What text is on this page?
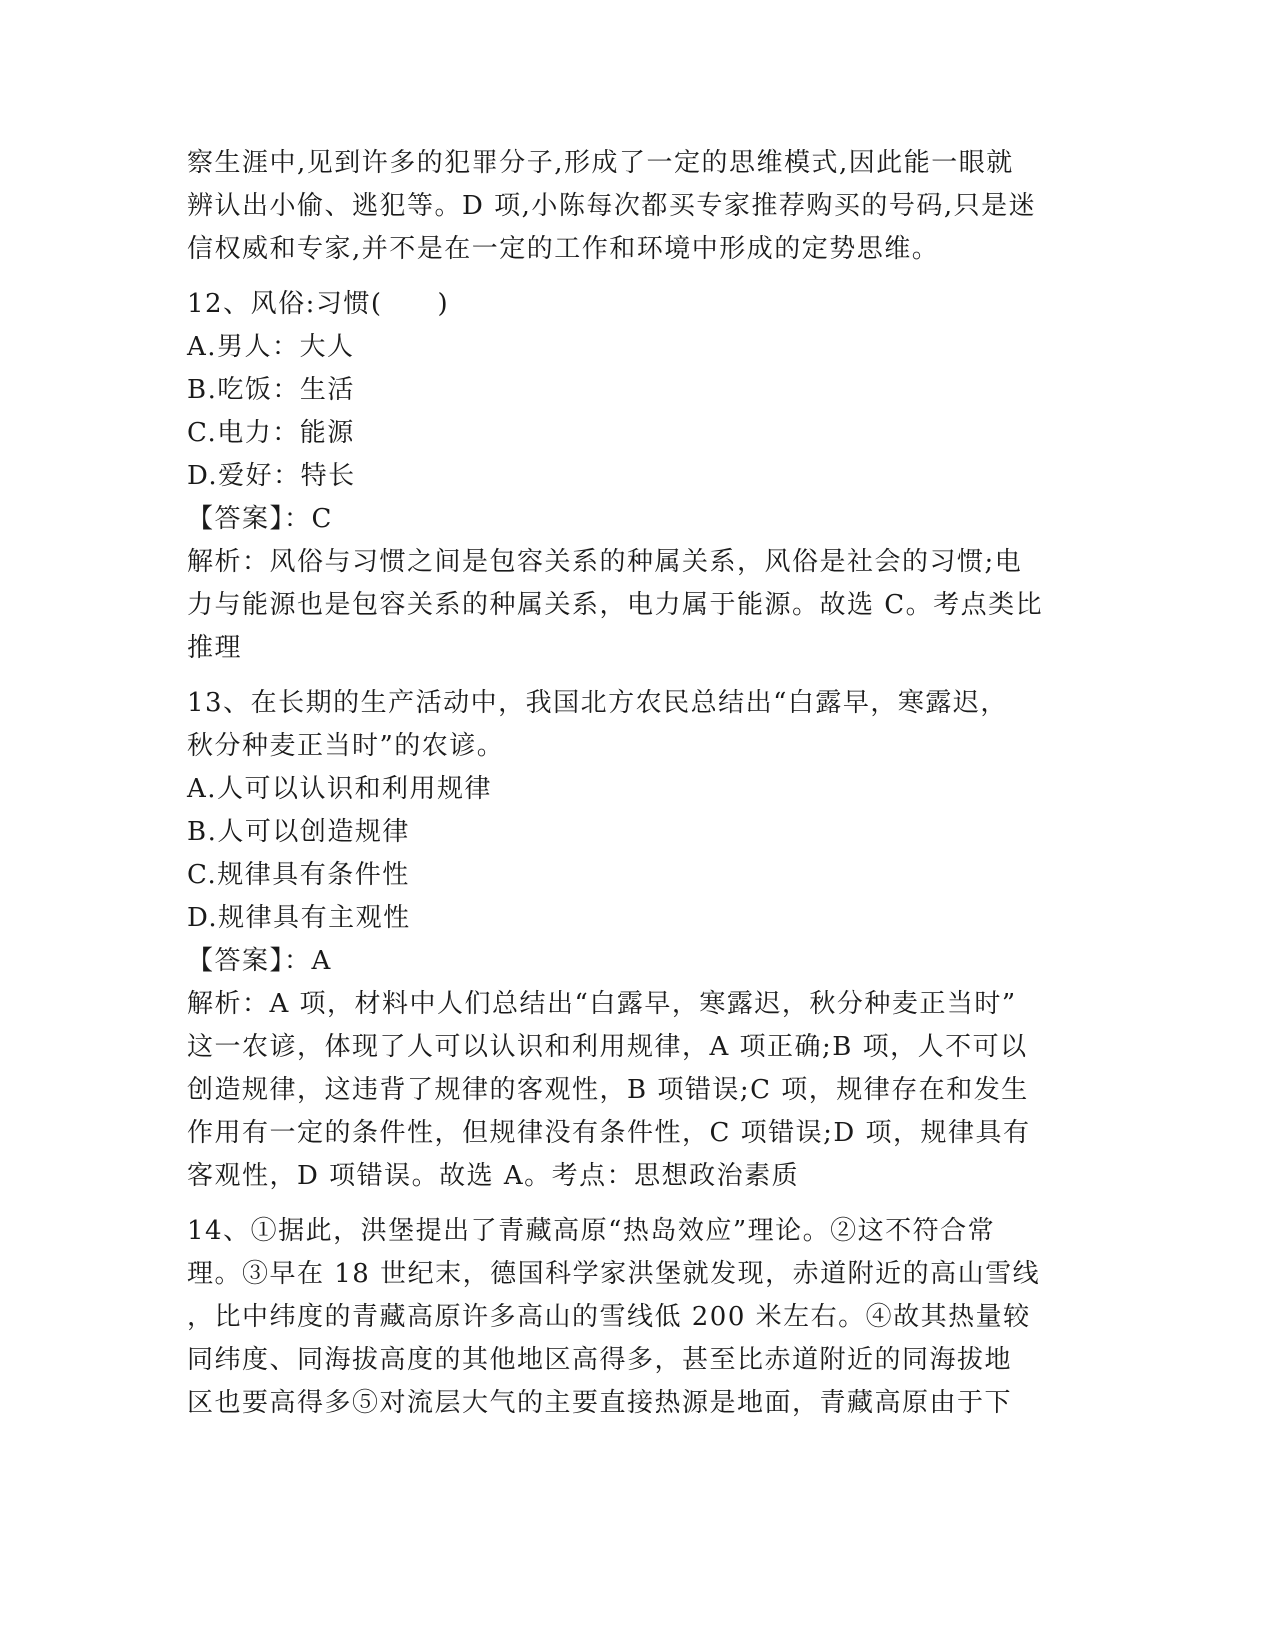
察生涯中,见到许多的犯罪分子,形成了一定的思维模式,因此能一眼就
辨认出小偷、逃犯等。D 项,小陈每次都买专家推荐购买的号码,只是迷
信权威和专家,并不是在一定的工作和环境中形成的定势思维。
12、风俗:习惯(　　)
A.男人：大人
B.吃饭：生活
C.电力：能源
D.爱好：特长
【答案】：C
解析：风俗与习惯之间是包容关系的种属关系，风俗是社会的习惯;电
力与能源也是包容关系的种属关系，电力属于能源。故选 C。考点类比
推理
13、在长期的生产活动中，我国北方农民总结出“白露早，寒露迟，
秋分种麦正当时”的农谚。
A.人可以认识和利用规律
B.人可以创造规律
C.规律具有条件性
D.规律具有主观性
【答案】：A
解析：A 项，材料中人们总结出“白露早，寒露迟，秋分种麦正当时”
这一农谚，体现了人可以认识和利用规律，A 项正确;B 项，人不可以
创造规律，这违背了规律的客观性，B 项错误;C 项，规律存在和发生
作用有一定的条件性，但规律没有条件性，C 项错误;D 项，规律具有
客观性，D 项错误。故选 A。考点：思想政治素质
14、①据此，洪堡提出了青藏高原“热岛效应”理论。②这不符合常
理。③早在 18 世纪末，德国科学家洪堡就发现，赤道附近的高山雪线
，比中纬度的青藏高原许多高山的雪线低 200 米左右。④故其热量较
同纬度、同海拔高度的其他地区高得多，甚至比赤道附近的同海拔地
区也要高得多⑤对流层大气的主要直接热源是地面，青藏高原由于下
